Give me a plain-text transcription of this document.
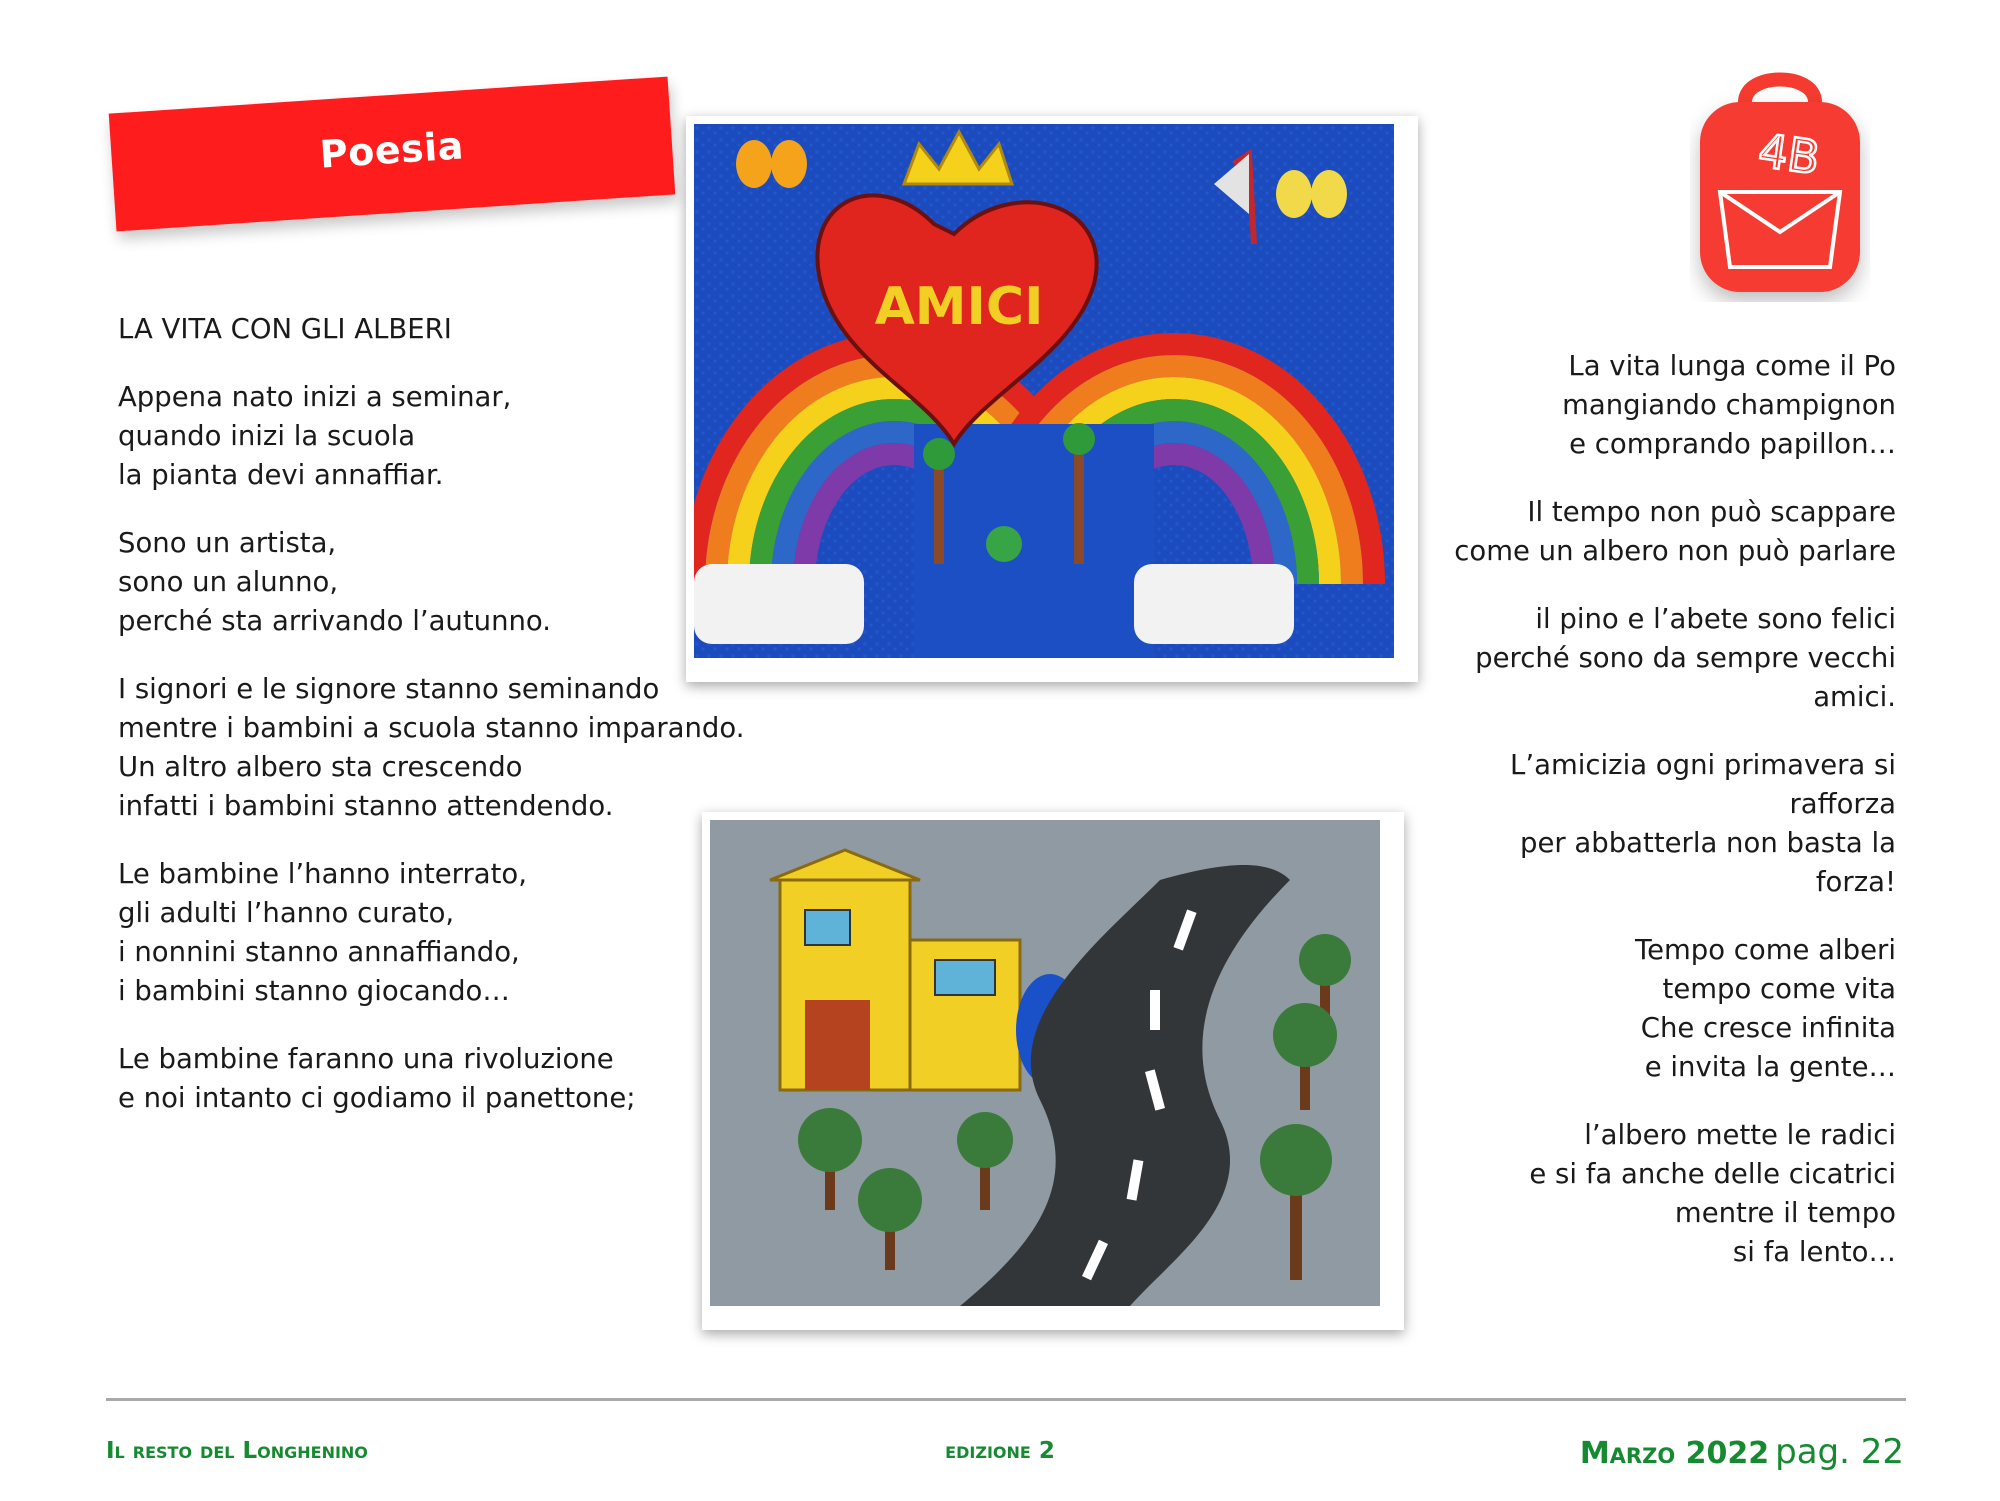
Poesia
LA VITA CON GLI ALBERI
Appena nato inizi a seminar,
quando inizi la scuola
la pianta devi annaffiar.
Sono un artista,
sono un alunno,
perché sta arrivando l’autunno.
I signori e le signore stanno seminando
mentre i bambini a scuola stanno imparando.
Un altro albero sta crescendo
infatti i bambini stanno attendendo.
Le bambine l’hanno interrato,
gli adulti l’hanno curato,
i nonnini stanno annaffiando,
i bambini stanno giocando…
Le bambine faranno una rivoluzione
e noi intanto ci godiamo il panettone;
AMICI
4B
La vita lunga come il Po
mangiando champignon
e comprando papillon…
Il tempo non può scappare
come un albero non può parlare
il pino e l’abete sono felici
perché sono da sempre vecchi
amici.
L’amicizia ogni primavera si
rafforza
per abbatterla non basta la
forza!
Tempo come alberi
tempo come vita
Che cresce infinita
e invita la gente…
l’albero mette le radici
e si fa anche delle cicatrici
mentre il tempo
si fa lento…
Il resto del Longhenino	edizione 2	Marzo 2022 pag. 22
